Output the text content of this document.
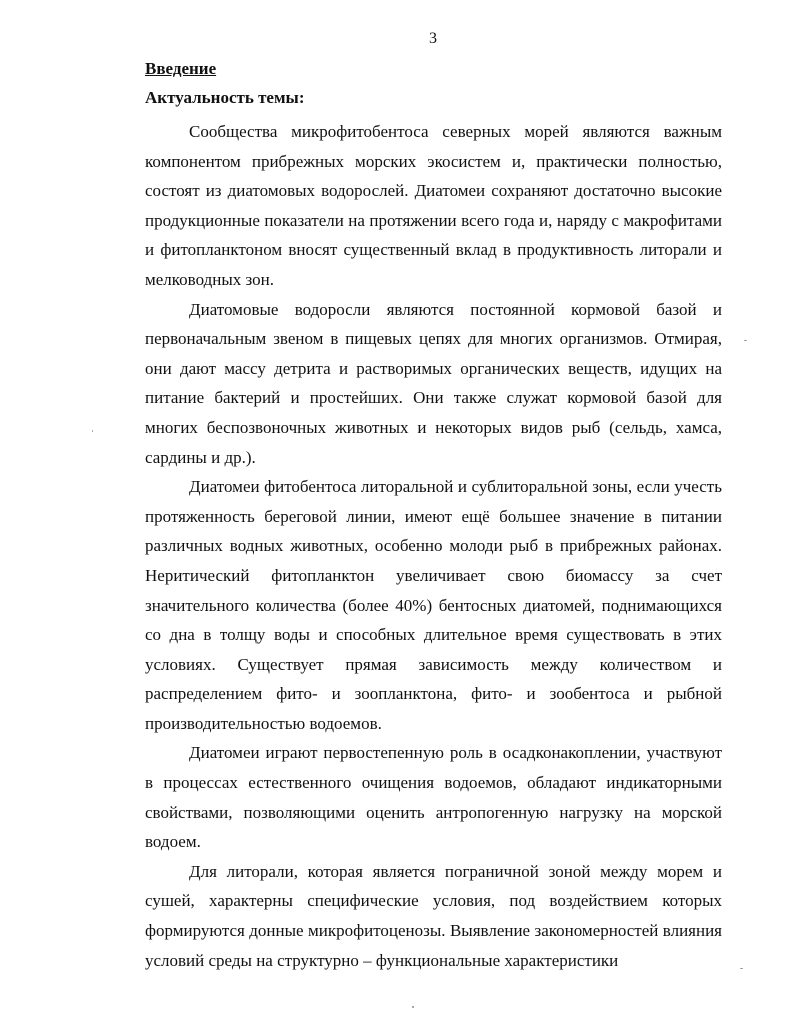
3
Введение
Актуальность темы:

Сообщества микрофитобентоса северных морей являются важным компонентом прибрежных морских экосистем и, практически полностью, состоят из диатомовых водорослей. Диатомеи сохраняют достаточно высокие продукционные показатели на протяжении всего года и, наряду с макрофитами и фитопланктоном вносят существенный вклад в продуктивность литорали и мелководных зон.

Диатомовые водоросли являются постоянной кормовой базой и первоначальным звеном в пищевых цепях для многих организмов. Отмирая, они дают массу детрита и растворимых органических веществ, идущих на питание бактерий и простейших. Они также служат кормовой базой для многих беспозвоночных животных и некоторых видов рыб (сельдь, хамса, сардины и др.).

Диатомеи фитобентоса литоральной и сублиторальной зоны, если учесть протяженность береговой линии, имеют ещё большее значение в питании различных водных животных, особенно молоди рыб в прибрежных районах. Неритический фитопланктон увеличивает свою биомассу за счет значительного количества (более 40%) бентосных диатомей, поднимающихся со дна в толщу воды и способных длительное время существовать в этих условиях. Существует прямая зависимость между количеством и распределением фито- и зоопланктона, фито- и зообентоса и рыбной производительностью водоемов.

Диатомеи играют первостепенную роль в осадконакоплении, участвуют в процессах естественного очищения водоемов, обладают индикаторными свойствами, позволяющими оценить антропогенную нагрузку на морской водоем.

Для литорали, которая является пограничной зоной между морем и сушей, характерны специфические условия, под воздействием которых формируются донные микрофитоценозы. Выявление закономерностей влияния условий среды на структурно – функциональные характеристики
